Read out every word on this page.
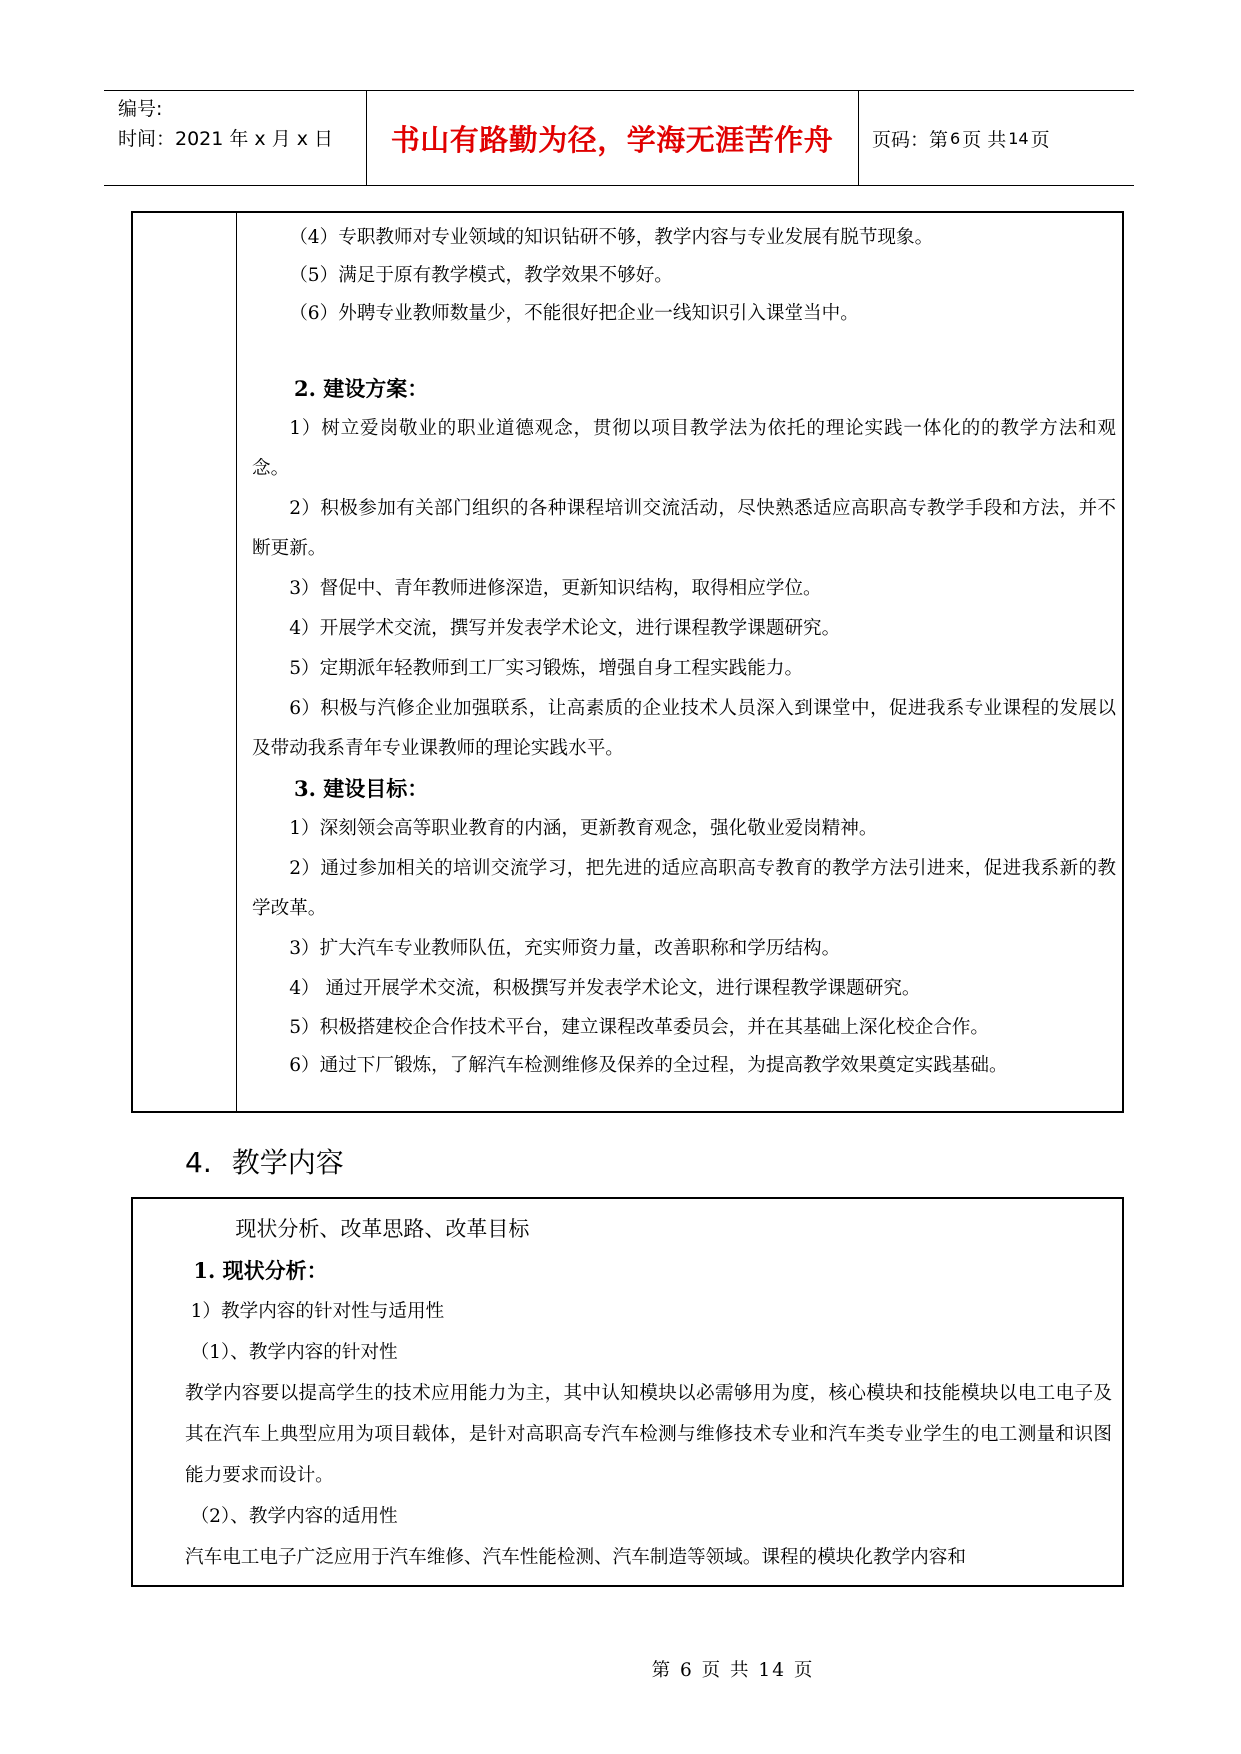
编号:
时间：2021 年 x 月 x 日	书山有路勤为径，学海无涯苦作舟	页码：第 6 页 共 14 页

（4）专职教师对专业领域的知识钻研不够，教学内容与专业发展有脱节现象。

（5）满足于原有教学模式，教学效果不够好。

（6）外聘专业教师数量少，不能很好把企业一线知识引入课堂当中。

2. 建设方案：

1）树立爱岗敬业的职业道德观念，贯彻以项目教学法为依托的理论实践一体化的的教学方法和观念。

2）积极参加有关部门组织的各种课程培训交流活动，尽快熟悉适应高职高专教学手段和方法，并不断更新。

3）督促中、青年教师进修深造，更新知识结构，取得相应学位。

4）开展学术交流，撰写并发表学术论文，进行课程教学课题研究。

5）定期派年轻教师到工厂实习锻炼，增强自身工程实践能力。

6）积极与汽修企业加强联系，让高素质的企业技术人员深入到课堂中，促进我系专业课程的发展以及带动我系青年专业课教师的理论实践水平。

3. 建设目标：

1）深刻领会高等职业教育的内涵，更新教育观念，强化敬业爱岗精神。

2）通过参加相关的培训交流学习，把先进的适应高职高专教育的教学方法引进来，促进我系新的教学改革。

3）扩大汽车专业教师队伍，充实师资力量，改善职称和学历结构。

4） 通过开展学术交流，积极撰写并发表学术论文，进行课程教学课题研究。

5）积极搭建校企合作技术平台，建立课程改革委员会，并在其基础上深化校企合作。

6）通过下厂锻炼，了解汽车检测维修及保养的全过程，为提高教学效果奠定实践基础。

4. 教学内容

现状分析、改革思路、改革目标

1. 现状分析：

1）教学内容的针对性与适用性

（1）、教学内容的针对性

教学内容要以提高学生的技术应用能力为主，其中认知模块以必需够用为度，核心模块和技能模块以电工电子及其在汽车上典型应用为项目载体，是针对高职高专汽车检测与维修技术专业和汽车类专业学生的电工测量和识图能力要求而设计。

（2）、教学内容的适用性

汽车电工电子广泛应用于汽车维修、汽车性能检测、汽车制造等领域。课程的模块化教学内容和

第 6 页 共 14 页
